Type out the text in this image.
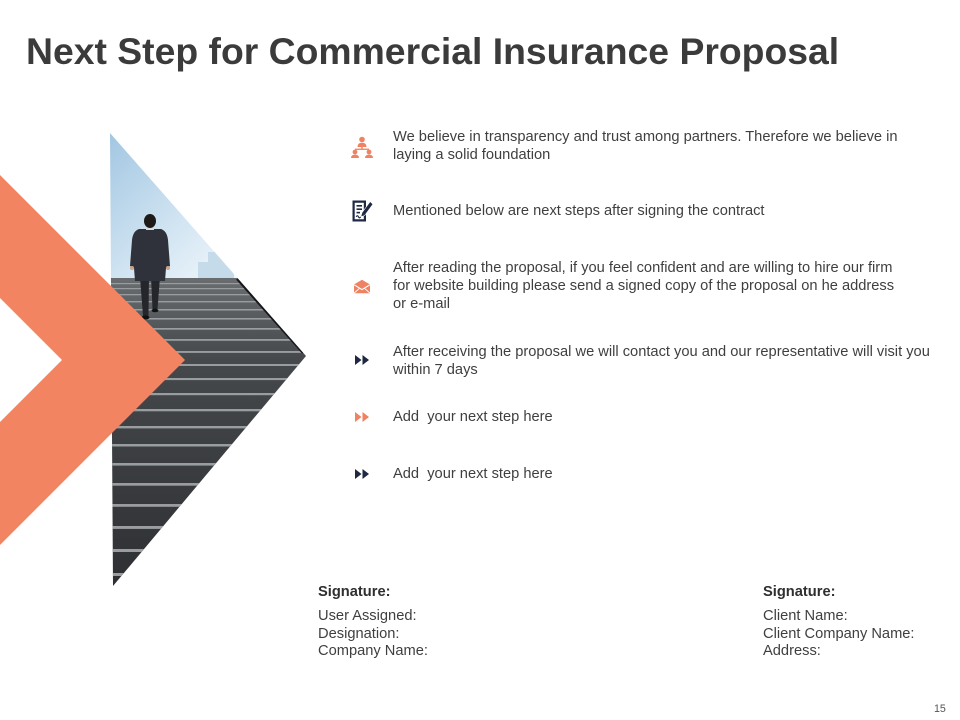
Next Step for Commercial Insurance Proposal
We believe in transparency and trust among partners. Therefore we believe in
laying a solid foundation
Mentioned below are next steps after signing the contract
After reading the proposal, if you feel confident and are willing to hire our firm
for website building please send a signed copy of the proposal on he address
or e-mail
After receiving the proposal we will contact you and our representative will visit you
within 7 days
Add  your next step here
Add  your next step here
Signature:
User Assigned:
Designation:
Company Name:
Signature:
Client Name:
Client Company Name:
Address:
15
